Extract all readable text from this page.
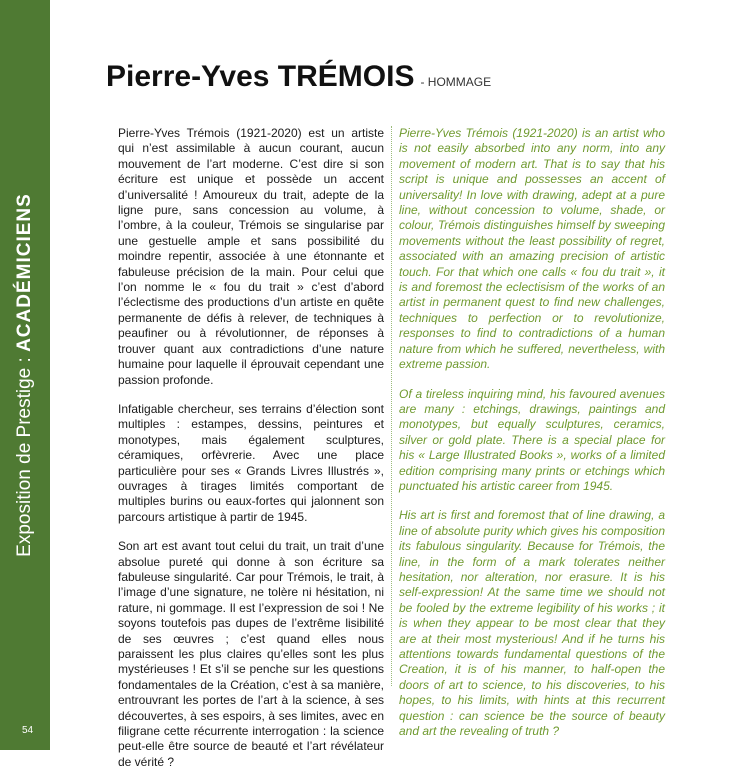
Exposition de Prestige : ACADÉMICIENS
54
Pierre-Yves TRÉMOIS - HOMMAGE

Pierre-Yves Trémois (1921-2020) est un artiste qui n’est assimilable à aucun courant, aucun mouvement de l’art moderne. C’est dire si son écriture est unique et possède un accent d’universalité ! Amoureux du trait, adepte de la ligne pure, sans concession au volume, à l’ombre, à la couleur, Trémois se singularise par une gestuelle ample et sans possibilité du moindre repentir, associée à une étonnante et fabuleuse précision de la main. Pour celui que l’on nomme le « fou du trait » c’est d’abord l’éclectisme des productions d’un artiste en quête permanente de défis à relever, de techniques à peaufiner ou à révolutionner, de réponses à trouver quant aux contradictions d’une nature humaine pour laquelle il éprouvait cependant une passion profonde.

Infatigable chercheur, ses terrains d’élection sont multiples : estampes, dessins, peintures et monotypes, mais également sculptures, céramiques, orfèvrerie. Avec une place particulière pour ses « Grands Livres Illustrés », ouvrages à tirages limités comportant de multiples burins ou eaux-fortes qui jalonnent son parcours artistique à partir de 1945.

Son art est avant tout celui du trait, un trait d’une absolue pureté qui donne à son écriture sa fabuleuse singularité. Car pour Trémois, le trait, à l’image d’une signature, ne tolère ni hésitation, ni rature, ni gommage. Il est l’expression de soi ! Ne soyons toutefois pas dupes de l’extrême lisibilité de ses œuvres ; c’est quand elles nous paraissent les plus claires qu’elles sont les plus mystérieuses ! Et s’il se penche sur les questions fondamentales de la Création, c’est à sa manière, entrouvrant les portes de l’art à la science, à ses découvertes, à ses espoirs, à ses limites, avec en filigrane cette récurrente interrogation : la science peut-elle être source de beauté et l’art révélateur de vérité ?

Pierre-Yves Trémois (1921-2020) is an artist who is not easily absorbed into any norm, into any movement of modern art. That is to say that his script is unique and possesses an accent of universality! In love with drawing, adept at a pure line, without concession to volume, shade, or colour, Trémois distinguishes himself by sweeping movements without the least possibility of regret, associated with an amazing precision of artistic touch. For that which one calls « fou du trait », it is and foremost the eclectisism of the works of an artist in permanent quest to find new challenges, techniques to perfection or to revolutionize, responses to find to contradictions of a human nature from which he suffered, nevertheless, with extreme passion.

Of a tireless inquiring mind, his favoured avenues are many : etchings, drawings, paintings and monotypes, but equally sculptures, ceramics, silver or gold plate. There is a special place for his « Large Illustrated Books », works of a limited edition comprising many prints or etchings which punctuated his artistic career from 1945.

His art is first and foremost that of line drawing, a line of absolute purity which gives his composition its fabulous singularity. Because for Trémois, the line, in the form of a mark tolerates neither hesitation, nor alteration, nor erasure. It is his self-expression! At the same time we should not be fooled by the extreme legibility of his works ; it is when they appear to be most clear that they are at their most mysterious! And if he turns his attentions towards fundamental questions of the Creation, it is of his manner, to half-open the doors of art to science, to his discoveries, to his hopes, to his limits, with hints at this recurrent question : can science be the source of beauty and art the revealing of truth ?
